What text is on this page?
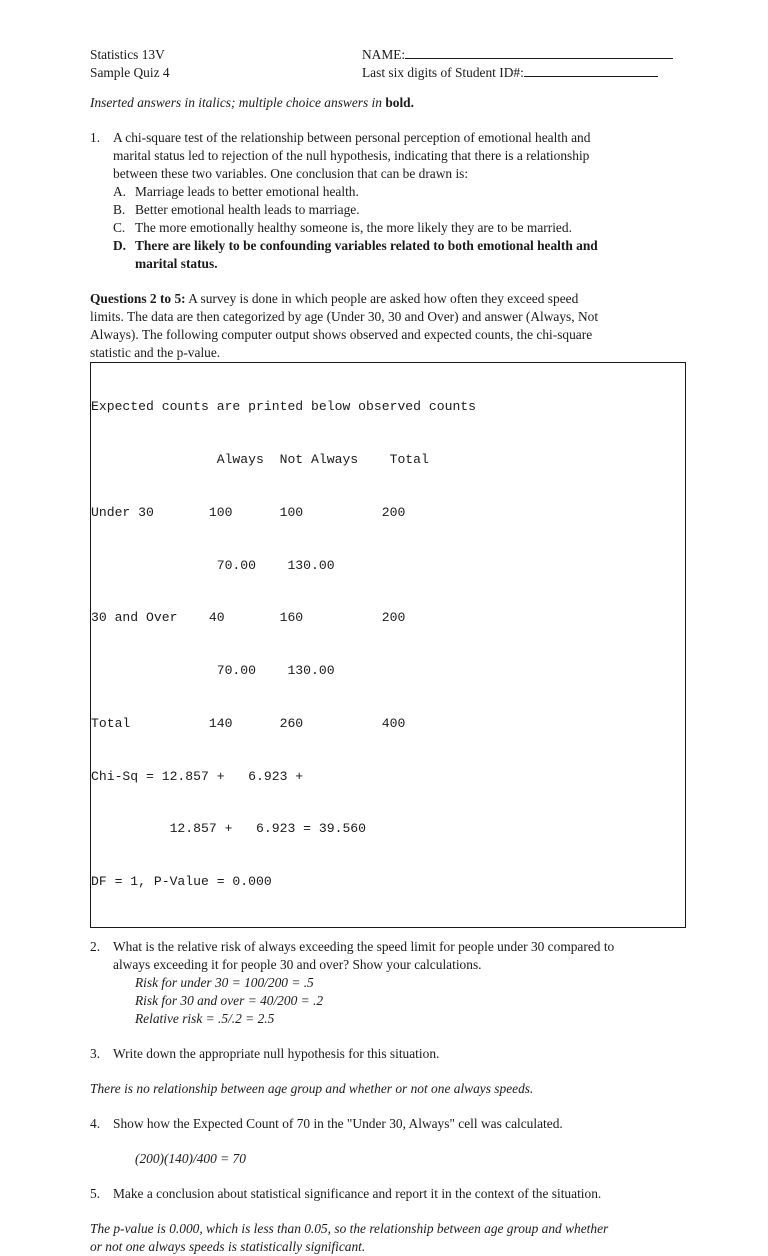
Statistics 13V
Sample Quiz 4
NAME:
Last six digits of Student ID#:
Inserted answers in italics; multiple choice answers in bold.
1. A chi-square test of the relationship between personal perception of emotional health and
marital status led to rejection of the null hypothesis, indicating that there is a relationship
between these two variables. One conclusion that can be drawn is:
A. Marriage leads to better emotional health.
B. Better emotional health leads to marriage.
C. The more emotionally healthy someone is, the more likely they are to be married.
D. There are likely to be confounding variables related to both emotional health and
marital status.
Questions 2 to 5: A survey is done in which people are asked how often they exceed speed
limits. The data are then categorized by age (Under 30, 30 and Over) and answer (Always, Not
Always). The following computer output shows observed and expected counts, the chi-square
statistic and the p-value.

Expected counts are printed below observed counts

Always  Not Always    Total

Under 30       100      100          200

70.00    130.00

30 and Over    40       160          200

70.00    130.00

Total          140      260          400

Chi-Sq = 12.857 +   6.923 +

12.857 +   6.923 = 39.560

DF = 1, P-Value = 0.000

2. What is the relative risk of always exceeding the speed limit for people under 30 compared to
always exceeding it for people 30 and over? Show your calculations.
Risk for under 30 = 100/200 = .5
Risk for 30 and over = 40/200 = .2
Relative risk = .5/.2 = 2.5
3. Write down the appropriate null hypothesis for this situation.
There is no relationship between age group and whether or not one always speeds.
4. Show how the Expected Count of 70 in the "Under 30, Always" cell was calculated.
(200)(140)/400 = 70
5. Make a conclusion about statistical significance and report it in the context of the situation.
The p-value is 0.000, which is less than 0.05, so the relationship between age group and whether
or not one always speeds is statistically significant.
